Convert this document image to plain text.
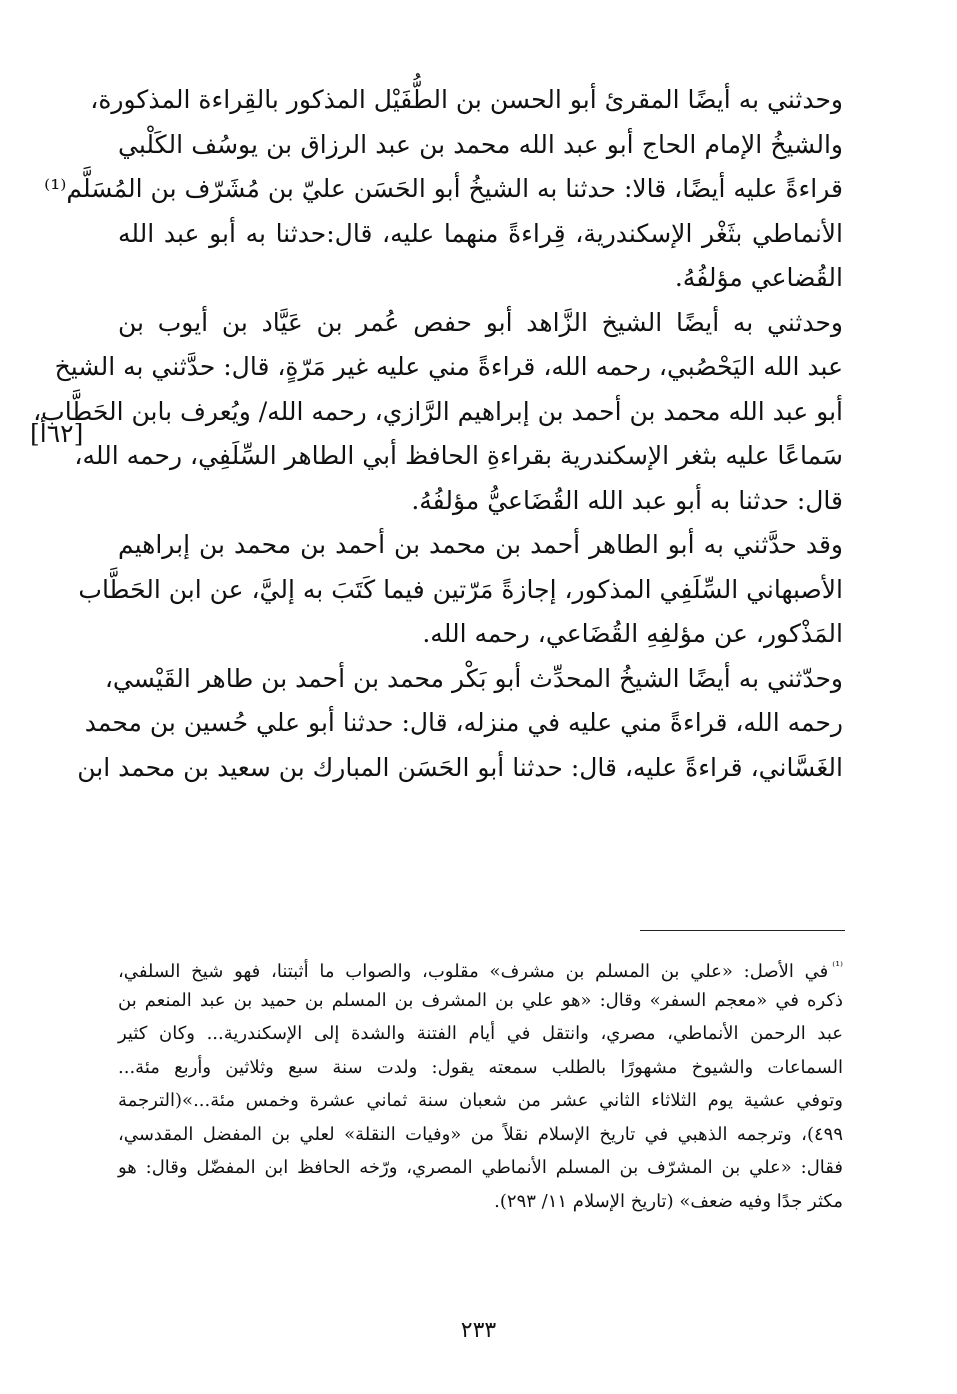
وحدثني به أيضًا المقرئ أبو الحسن بن الطُّفَيْل المذكور بالقِراءة المذكورة،
والشيخُ الإمام الحاج أبو عبد الله محمد بن عبد الرزاق بن يوسُف الكَلْبي
قراءةً عليه أيضًا، قالا: حدثنا به الشيخُ أبو الحَسَن عليّ بن مُشَرّف بن المُسَلَّم⁽¹⁾
الأنماطي بثَغْر الإسكندرية، قِراءةً منهما عليه، قال:حدثنا به أبو عبد الله
القُضاعي مؤلفُهُ.
وحدثني به أيضًا الشيخ الزَّاهد أبو حفص عُمر بن عَيَّاد بن أيوب بن
عبد الله اليَحْصُبي، رحمه الله، قراءةً مني عليه غير مَرّةٍ، قال: حدَّثني به الشيخ
أبو عبد الله محمد بن أحمد بن إبراهيم الرَّازي، رحمه الله/ ويُعرف بابن الحَطَّاب،
سَماعًا عليه بثغر الإسكندرية بقراءةِ الحافظ أبي الطاهر السِّلَفِي، رحمه الله،
قال: حدثنا به أبو عبد الله القُضَاعيُّ مؤلفُهُ.
وقد حدَّثني به أبو الطاهر أحمد بن محمد بن أحمد بن محمد بن إبراهيم
الأصبهاني السِّلَفِي المذكور، إجازةً مَرّتين فيما كَتَبَ به إليَّ، عن ابن الحَطَّاب
المَذْكور، عن مؤلفِهِ القُضَاعي، رحمه الله.
وحدّثني به أيضًا الشيخُ المحدِّث أبو بَكْر محمد بن أحمد بن طاهر القَيْسي،
رحمه الله، قراءةً مني عليه في منزله، قال: حدثنا أبو علي حُسين بن محمد
الغَسَّاني، قراءةً عليه، قال: حدثنا أبو الحَسَن المبارك بن سعيد بن محمد ابن
[٦٢أ]
$^{^{(1)}}$في الأصل: «علي بن المسلم بن مشرف» مقلوب، والصواب ما أثبتنا، فهو شيخ السلفي،
ذكره في «معجم السفر» وقال: «هو علي بن المشرف بن المسلم بن حميد بن عبد المنعم بن
عبد الرحمن الأنماطي، مصري، وانتقل في أيام الفتنة والشدة إلى الإسكندرية... وكان كثير
السماعات والشيوخ مشهورًا بالطلب سمعته يقول: ولدت سنة سبع وثلاثين وأربع مئة...
وتوفي عشية يوم الثلاثاء الثاني عشر من شعبان سنة ثماني عشرة وخمس مئة...»(الترجمة
٤٩٩)، وترجمه الذهبي في تاريخ الإسلام نقلاً من «وفيات النقلة» لعلي بن المفضل المقدسي،
فقال: «علي بن المشرّف بن المسلم الأنماطي المصري، ورّخه الحافظ ابن المفضّل وقال: هو
مكثر جدًا وفيه ضعف» (تاريخ الإسلام ١١/ ٢٩٣).
٢٣٣
